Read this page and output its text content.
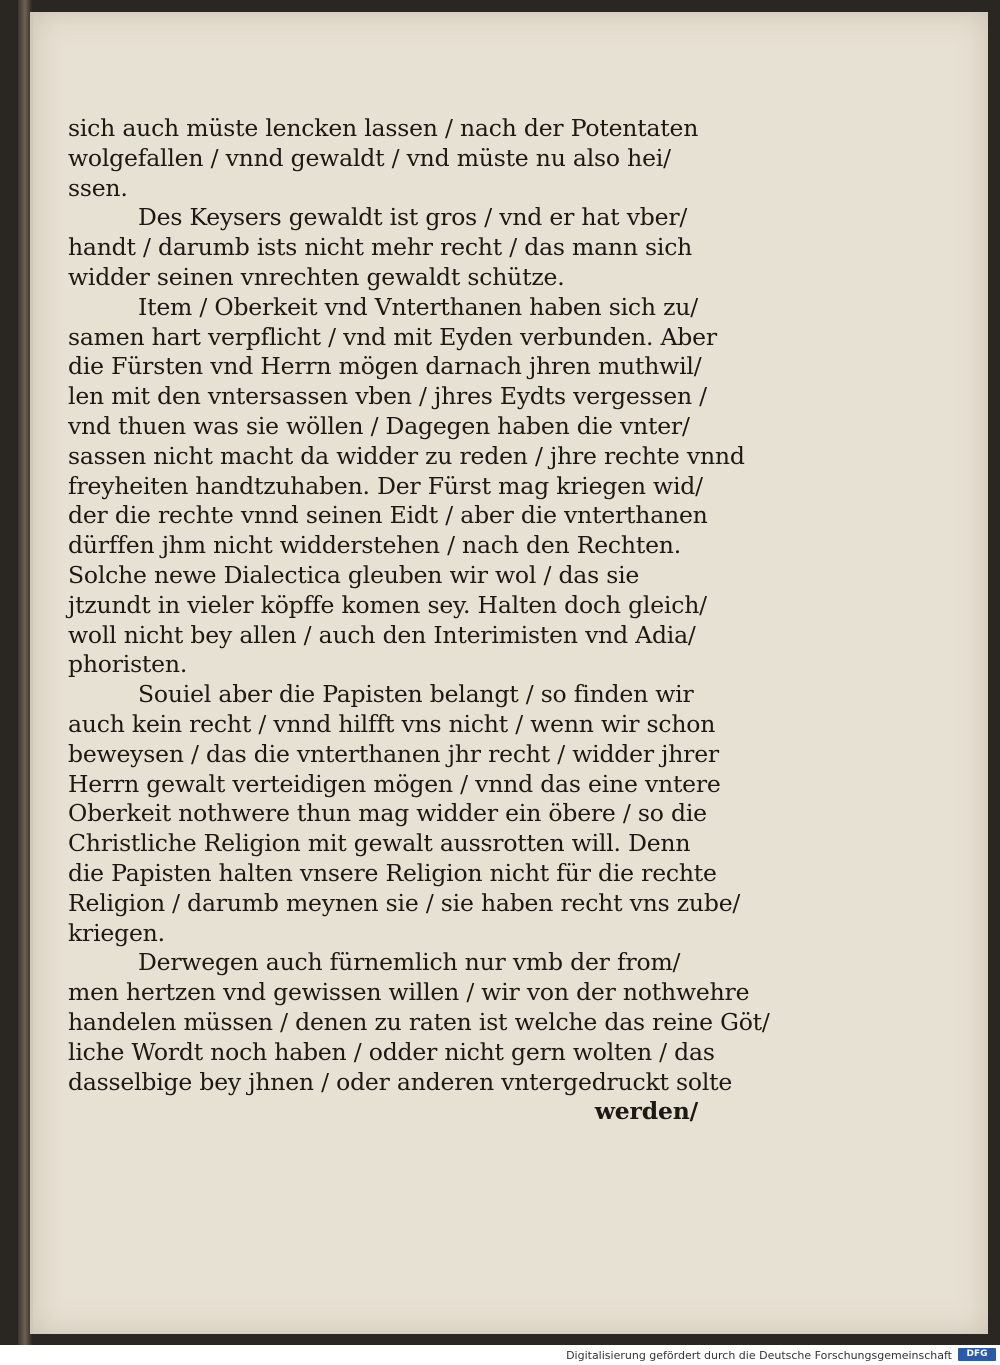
sich auch müste lencken lassen / nach der Potentaten
wolgefallen / vnnd gewaldt / vnd müste nu also hei/
ssen.
Des Keysers gewaldt ist gros / vnd er hat vber/
handt / darumb ists nicht mehr recht / das mann sich
widder seinen vnrechten gewaldt schütze.
Item / Oberkeit vnd Vnterthanen haben sich zu/
samen hart verpflicht / vnd mit Eyden verbunden. Aber
die Fürsten vnd Herrn mögen darnach jhren muthwil/
len mit den vntersassen vben / jhres Eydts vergessen /
vnd thuen was sie wöllen / Dagegen haben die vnter/
sassen nicht macht da widder zu reden / jhre rechte vnnd
freyheiten handtzuhaben. Der Fürst mag kriegen wid/
der die rechte vnnd seinen Eidt / aber die vnterthanen
dürffen jhm nicht widderstehen / nach den Rechten.
Solche newe Dialectica gleuben wir wol / das sie
jtzundt in vieler köpffe komen sey. Halten doch gleich/
woll nicht bey allen / auch den Interimisten vnd Adia/
phoristen.
Souiel aber die Papisten belangt / so finden wir
auch kein recht / vnnd hilfft vns nicht / wenn wir schon
beweysen / das die vnterthanen jhr recht / widder jhrer
Herrn gewalt verteidigen mögen / vnnd das eine vntere
Oberkeit nothwere thun mag widder ein öbere / so die
Christliche Religion mit gewalt aussrotten will. Denn
die Papisten halten vnsere Religion nicht für die rechte
Religion / darumb meynen sie / sie haben recht vns zube/
kriegen.
Derwegen auch fürnemlich nur vmb der from/
men hertzen vnd gewissen willen / wir von der nothwehre
handelen müssen / denen zu raten ist welche das reine Göt/
liche Wordt noch haben / odder nicht gern wolten / das
dasselbige bey jhnen / oder anderen vntergedruckt solte
werden/
Digitalisierung gefördert durch die Deutsche Forschungsgemeinschaft	DFG
